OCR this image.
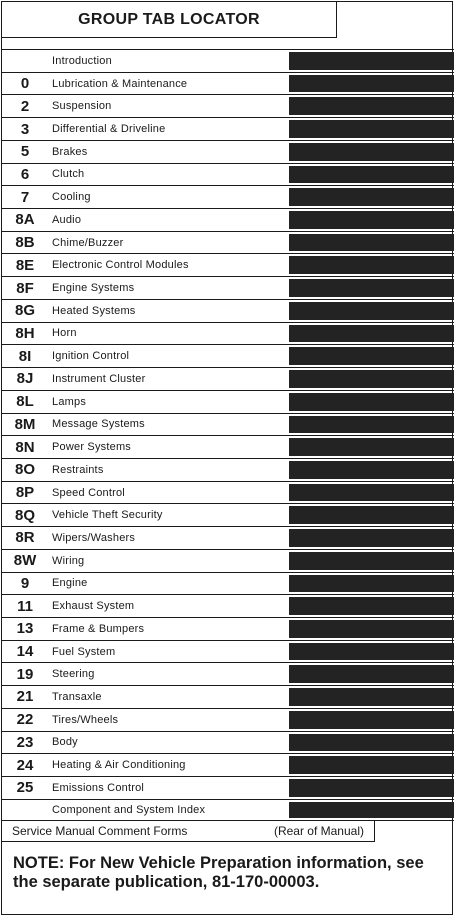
GROUP TAB LOCATOR
Introduction
0	Lubrication & Maintenance
2	Suspension
3	Differential & Driveline
5	Brakes
6	Clutch
7	Cooling
8A	Audio
8B	Chime/Buzzer
8E	Electronic Control Modules
8F	Engine Systems
8G	Heated Systems
8H	Horn
8I	Ignition Control
8J	Instrument Cluster
8L	Lamps
8M	Message Systems
8N	Power Systems
8O	Restraints
8P	Speed Control
8Q	Vehicle Theft Security
8R	Wipers/Washers
8W	Wiring
9	Engine
11	Exhaust System
13	Frame & Bumpers
14	Fuel System
19	Steering
21	Transaxle
22	Tires/Wheels
23	Body
24	Heating & Air Conditioning
25	Emissions Control
Component and System Index
Service Manual Comment Forms	(Rear of Manual)
NOTE: For New Vehicle Preparation information, see the separate publication, 81-170-00003.
